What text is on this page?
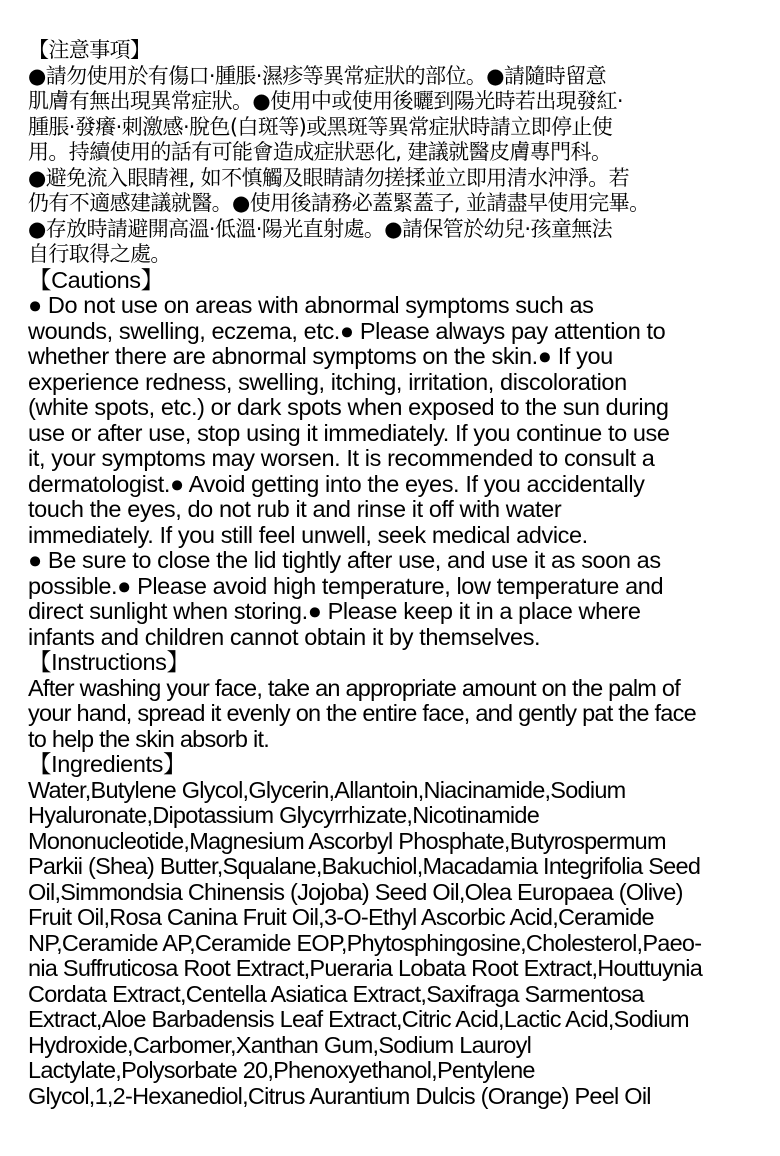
【注意事項】
●請勿使用於有傷口·腫脹·濕疹等異常症狀的部位。●請隨時留意
肌膚有無出現異常症狀。●使用中或使用後曬到陽光時若出現發紅·
腫脹·發癢·刺激感·脫色(白斑等)或黑斑等異常症狀時請立即停止使
用。持續使用的話有可能會造成症狀惡化, 建議就醫皮膚專門科。
●避免流入眼睛裡, 如不慎觸及眼睛請勿搓揉並立即用清水沖淨。若
仍有不適感建議就醫。●使用後請務必蓋緊蓋子, 並請盡早使用完畢。
●存放時請避開高溫·低溫·陽光直射處。●請保管於幼兒·孩童無法
自行取得之處。
【Cautions】
● Do not use on areas with abnormal symptoms such as
wounds, swelling, eczema, etc.● Please always pay attention to
whether there are abnormal symptoms on the skin.● If you
experience redness, swelling, itching, irritation, discoloration
(white spots, etc.) or dark spots when exposed to the sun during
use or after use, stop using it immediately. If you continue to use
it, your symptoms may worsen. It is recommended to consult a
dermatologist.● Avoid getting into the eyes. If you accidentally
touch the eyes, do not rub it and rinse it off with water
immediately. If you still feel unwell, seek medical advice.
● Be sure to close the lid tightly after use, and use it as soon as
possible.● Please avoid high temperature, low temperature and
direct sunlight when storing.● Please keep it in a place where
infants and children cannot obtain it by themselves.
【Instructions】
After washing your face, take an appropriate amount on the palm of
your hand, spread it evenly on the entire face, and gently pat the face
to help the skin absorb it.
【Ingredients】
Water,Butylene Glycol,Glycerin,Allantoin,Niacinamide,Sodium
Hyaluronate,Dipotassium Glycyrrhizate,Nicotinamide
Mononucleotide,Magnesium Ascorbyl Phosphate,Butyrospermum
Parkii (Shea) Butter,Squalane,Bakuchiol,Macadamia Integrifolia Seed
Oil,Simmondsia Chinensis (Jojoba) Seed Oil,Olea Europaea (Olive)
Fruit Oil,Rosa Canina Fruit Oil,3-O-Ethyl Ascorbic Acid,Ceramide
NP,Ceramide AP,Ceramide EOP,Phytosphingosine,Cholesterol,Paeo-
nia Suffruticosa Root Extract,Pueraria Lobata Root Extract,Houttuynia
Cordata Extract,Centella Asiatica Extract,Saxifraga Sarmentosa
Extract,Aloe Barbadensis Leaf Extract,Citric Acid,Lactic Acid,Sodium
Hydroxide,Carbomer,Xanthan Gum,Sodium Lauroyl
Lactylate,Polysorbate 20,Phenoxyethanol,Pentylene
Glycol,1,2-Hexanediol,Citrus Aurantium Dulcis (Orange) Peel Oil
